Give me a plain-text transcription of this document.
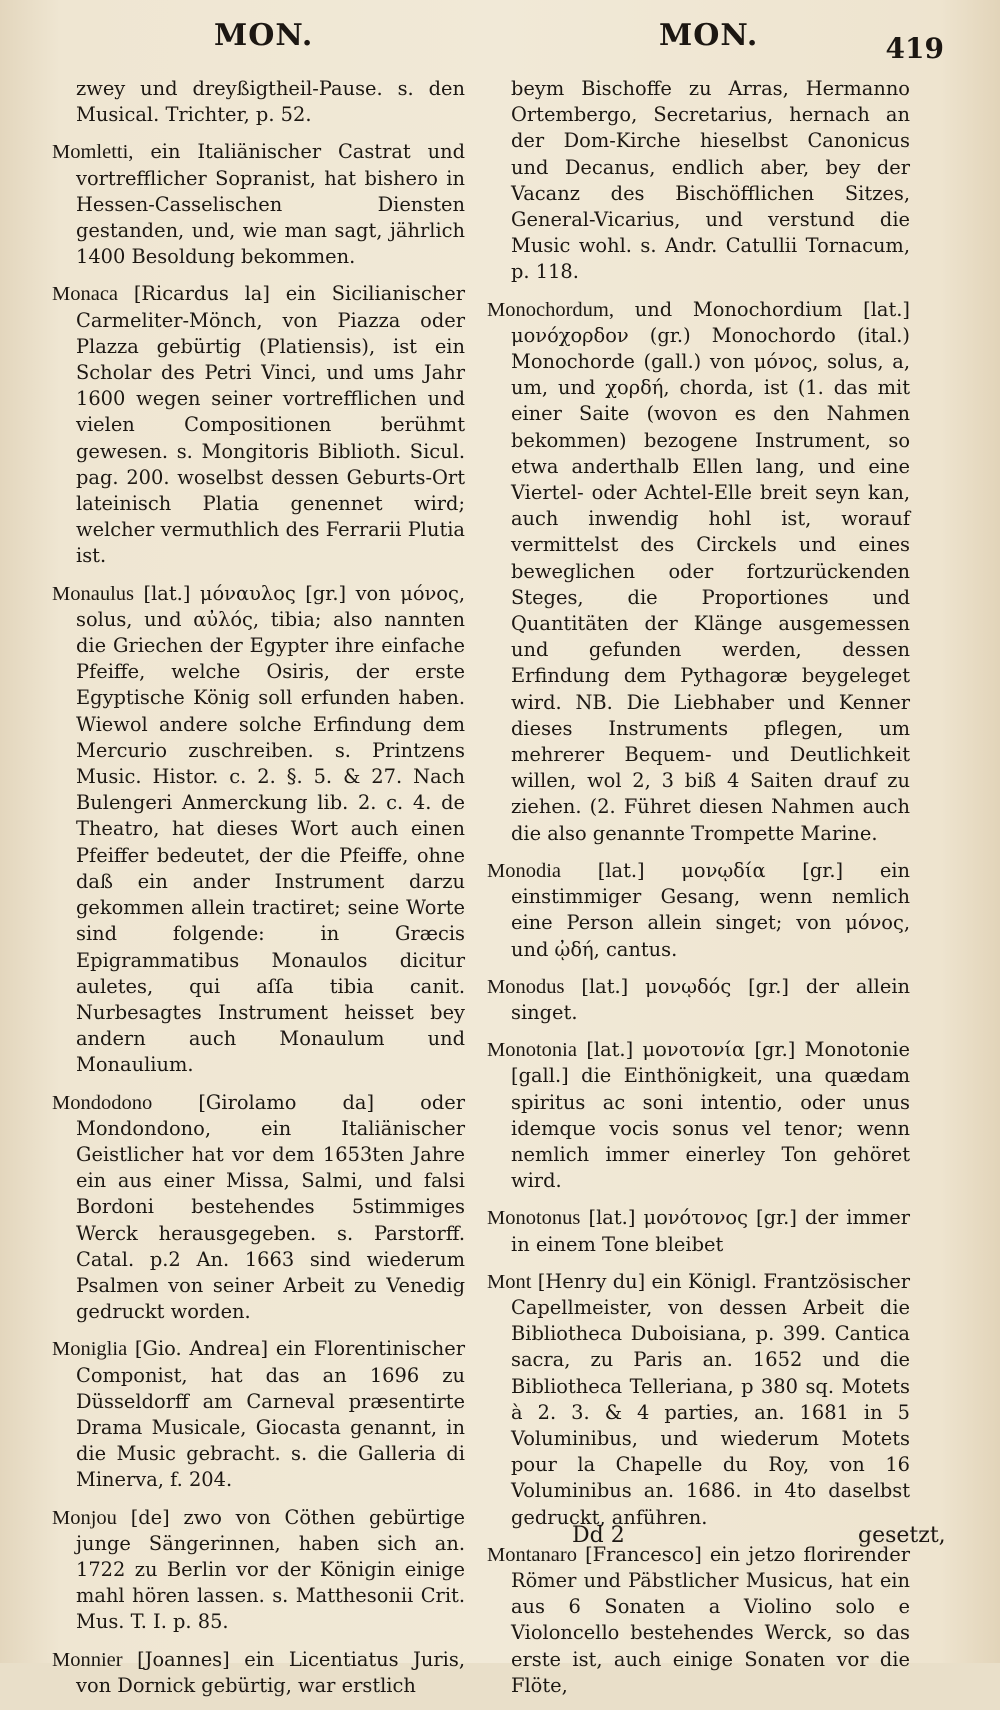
MON.	MON.	419

zwey und dreyßigtheil-Pause. s. den Musical. Trichter, p. 52.

Momletti, ein Italiänischer Castrat und vortrefflicher Sopranist, hat bishero in Hessen-Casselischen Diensten gestanden, und, wie man sagt, jährlich 1400 Besoldung bekommen.

Monaca [Ricardus la] ein Sicilianischer Carmeliter-Mönch, von Piazza oder Plazza gebürtig (Platiensis), ist ein Scholar des Petri Vinci, und ums Jahr 1600 wegen seiner vortrefflichen und vielen Compositionen berühmt gewesen. s. Mongitoris Biblioth. Sicul. pag. 200. woselbst dessen Geburts-Ort lateinisch Platia genennet wird; welcher vermuthlich des Ferrarii Plutia ist.

Monaulus [lat.] μόναυλος [gr.] von μόνος, solus, und αὐλός, tibia; also nannten die Griechen der Egypter ihre einfache Pfeiffe, welche Osiris, der erste Egyptische König soll erfunden haben. Wiewol andere solche Erfindung dem Mercurio zuschreiben. s. Printzens Music. Histor. c. 2. §. 5. & 27. Nach Bulengeri Anmerckung lib. 2. c. 4. de Theatro, hat dieses Wort auch einen Pfeiffer bedeutet, der die Pfeiffe, ohne daß ein ander Instrument darzu gekommen allein tractiret; seine Worte sind folgende: in Græcis Epigrammatibus Monaulos dicitur auletes, qui aſſa tibia canit. Nurbesagtes Instrument heisset bey andern auch Monaulum und Monaulium.

Mondodono [Girolamo da] oder Mondondono, ein Italiänischer Geistlicher hat vor dem 1653ten Jahre ein aus einer Missa, Salmi, und falsi Bordoni bestehendes 5stimmiges Werck herausgegeben. s. Parstorff. Catal. p.2 An. 1663 sind wiederum Psalmen von seiner Arbeit zu Venedig gedruckt worden.

Moniglia [Gio. Andrea] ein Florentinischer Componist, hat das an 1696 zu Düsseldorff am Carneval præsentirte Drama Musicale, Giocasta genannt, in die Music gebracht. s. die Galleria di Minerva, f. 204.

Monjou [de] zwo von Cöthen gebürtige junge Sängerinnen, haben sich an. 1722 zu Berlin vor der Königin einige mahl hören lassen. s. Matthesonii Crit. Mus. T. I. p. 85.

Monnier [Joannes] ein Licentiatus Juris, von Dornick gebürtig, war erstlich

beym Bischoffe zu Arras, Hermanno Ortembergo, Secretarius, hernach an der Dom-Kirche hieselbst Canonicus und Decanus, endlich aber, bey der Vacanz des Bischöfflichen Sitzes, General-Vicarius, und verstund die Music wohl. s. Andr. Catullii Tornacum, p. 118.

Monochordum, und Monochordium [lat.] μονόχορδον (gr.) Monochordo (ital.) Monochorde (gall.) von μόνος, solus, a, um, und χορδή, chorda, ist (1. das mit einer Saite (wovon es den Nahmen bekommen) bezogene Instrument, so etwa anderthalb Ellen lang, und eine Viertel- oder Achtel-Elle breit seyn kan, auch inwendig hohl ist, worauf vermittelst des Circkels und eines beweglichen oder fortzurückenden Steges, die Proportiones und Quantitäten der Klänge ausgemessen und gefunden werden, dessen Erfindung dem Pythagoræ beygeleget wird. NB. Die Liebhaber und Kenner dieses Instruments pflegen, um mehrerer Bequem- und Deutlichkeit willen, wol 2, 3 biß 4 Saiten drauf zu ziehen. (2. Führet diesen Nahmen auch die also genannte Trompette Marine.

Monodia [lat.] μονῳδία [gr.] ein einstimmiger Gesang, wenn nemlich eine Person allein singet; von μόνος, und ᾠδή, cantus.

Monodus [lat.] μονῳδός [gr.] der allein singet.

Monotonia [lat.] μονοτονία [gr.] Monotonie [gall.] die Einthönigkeit, una quædam spiritus ac soni intentio, oder unus idemque vocis sonus vel tenor; wenn nemlich immer einerley Ton gehöret wird.

Monotonus [lat.] μονότονος [gr.] der immer in einem Tone bleibet

Mont [Henry du] ein Königl. Frantzösischer Capellmeister, von dessen Arbeit die Bibliotheca Duboisiana, p. 399. Cantica sacra, zu Paris an. 1652 und die Bibliotheca Telleriana, p 380 sq. Motets à 2. 3. & 4 parties, an. 1681 in 5 Voluminibus, und wiederum Motets pour la Chapelle du Roy, von 16 Voluminibus an. 1686. in 4to daselbst gedruckt, anführen.

Montanaro [Francesco] ein jetzo florirender Römer und Päbstlicher Musicus, hat ein aus 6 Sonaten a Violino solo e Violoncello bestehendes Werck, so das erste ist, auch einige Sonaten vor die Flöte,

Dd 2	gesetzt,
